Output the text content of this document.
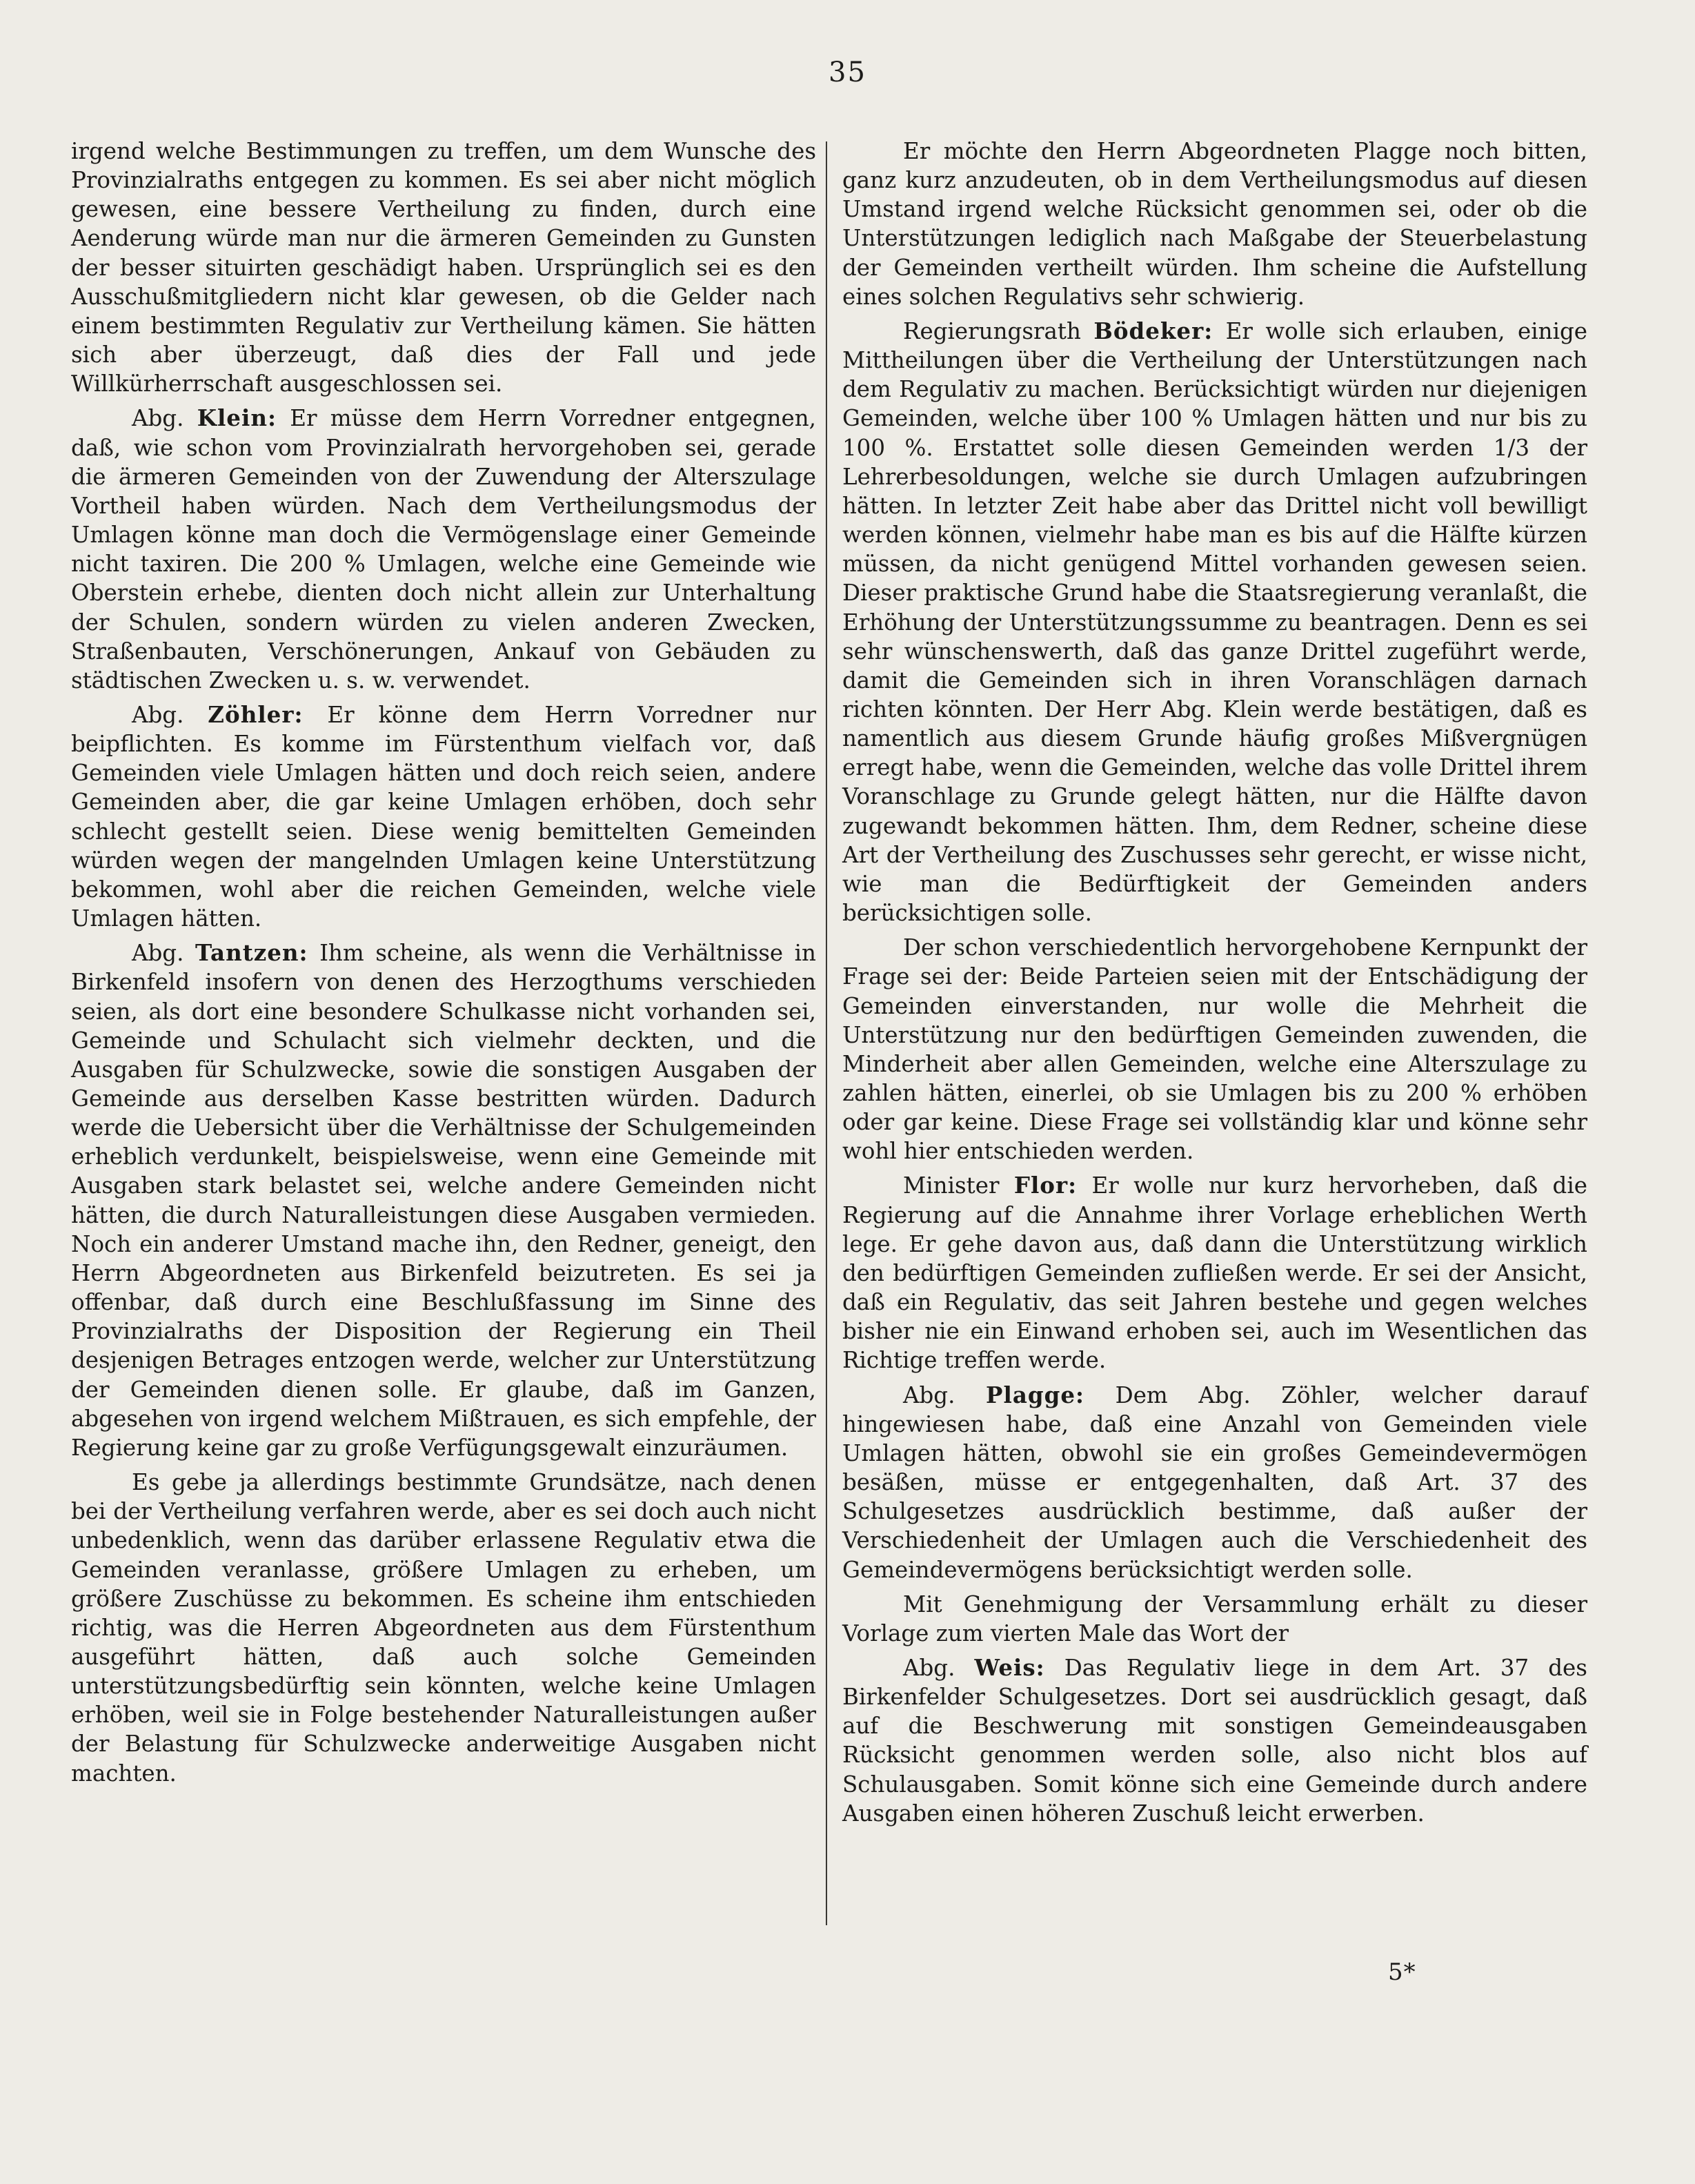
35

irgend welche Bestimmungen zu treffen, um dem Wunsche des Provinzialraths entgegen zu kommen. Es sei aber nicht möglich gewesen, eine bessere Vertheilung zu finden, durch eine Aenderung würde man nur die ärmeren Gemeinden zu Gunsten der besser situirten geschädigt haben. Ursprünglich sei es den Ausschußmitgliedern nicht klar gewesen, ob die Gelder nach einem bestimmten Regulativ zur Vertheilung kämen. Sie hätten sich aber überzeugt, daß dies der Fall und jede Willkürherrschaft ausgeschlossen sei.

Abg. Klein: Er müsse dem Herrn Vorredner entgegnen, daß, wie schon vom Provinzialrath hervorgehoben sei, gerade die ärmeren Gemeinden von der Zuwendung der Alterszulage Vortheil haben würden. Nach dem Vertheilungsmodus der Umlagen könne man doch die Vermögenslage einer Gemeinde nicht taxiren. Die 200 % Umlagen, welche eine Gemeinde wie Oberstein erhebe, dienten doch nicht allein zur Unterhaltung der Schulen, sondern würden zu vielen anderen Zwecken, Straßenbauten, Verschönerungen, Ankauf von Gebäuden zu städtischen Zwecken u. s. w. verwendet.

Abg. Zöhler: Er könne dem Herrn Vorredner nur beipflichten. Es komme im Fürstenthum vielfach vor, daß Gemeinden viele Umlagen hätten und doch reich seien, andere Gemeinden aber, die gar keine Umlagen erhöben, doch sehr schlecht gestellt seien. Diese wenig bemittelten Gemeinden würden wegen der mangelnden Umlagen keine Unterstützung bekommen, wohl aber die reichen Gemeinden, welche viele Umlagen hätten.

Abg. Tantzen: Ihm scheine, als wenn die Verhältnisse in Birkenfeld insofern von denen des Herzogthums verschieden seien, als dort eine besondere Schulkasse nicht vorhanden sei, Gemeinde und Schulacht sich vielmehr deckten, und die Ausgaben für Schulzwecke, sowie die sonstigen Ausgaben der Gemeinde aus derselben Kasse bestritten würden. Dadurch werde die Uebersicht über die Verhältnisse der Schulgemeinden erheblich verdunkelt, beispielsweise, wenn eine Gemeinde mit Ausgaben stark belastet sei, welche andere Gemeinden nicht hätten, die durch Naturalleistungen diese Ausgaben vermieden. Noch ein anderer Umstand mache ihn, den Redner, geneigt, den Herrn Abgeordneten aus Birkenfeld beizutreten. Es sei ja offenbar, daß durch eine Beschlußfassung im Sinne des Provinzialraths der Disposition der Regierung ein Theil desjenigen Betrages entzogen werde, welcher zur Unterstützung der Gemeinden dienen solle. Er glaube, daß im Ganzen, abgesehen von irgend welchem Mißtrauen, es sich empfehle, der Regierung keine gar zu große Verfügungsgewalt einzuräumen.

Es gebe ja allerdings bestimmte Grundsätze, nach denen bei der Vertheilung verfahren werde, aber es sei doch auch nicht unbedenklich, wenn das darüber erlassene Regulativ etwa die Gemeinden veranlasse, größere Umlagen zu erheben, um größere Zuschüsse zu bekommen. Es scheine ihm entschieden richtig, was die Herren Abgeordneten aus dem Fürstenthum ausgeführt hätten, daß auch solche Gemeinden unterstützungsbedürftig sein könnten, welche keine Umlagen erhöben, weil sie in Folge bestehender Naturalleistungen außer der Belastung für Schulzwecke anderweitige Ausgaben nicht machten.

Er möchte den Herrn Abgeordneten Plagge noch bitten, ganz kurz anzudeuten, ob in dem Vertheilungsmodus auf diesen Umstand irgend welche Rücksicht genommen sei, oder ob die Unterstützungen lediglich nach Maßgabe der Steuerbelastung der Gemeinden vertheilt würden. Ihm scheine die Aufstellung eines solchen Regulativs sehr schwierig.

Regierungsrath Bödeker: Er wolle sich erlauben, einige Mittheilungen über die Vertheilung der Unterstützungen nach dem Regulativ zu machen. Berücksichtigt würden nur diejenigen Gemeinden, welche über 100 % Umlagen hätten und nur bis zu 100 %. Erstattet solle diesen Gemeinden werden 1/3 der Lehrerbesoldungen, welche sie durch Umlagen aufzubringen hätten. In letzter Zeit habe aber das Drittel nicht voll bewilligt werden können, vielmehr habe man es bis auf die Hälfte kürzen müssen, da nicht genügend Mittel vorhanden gewesen seien. Dieser praktische Grund habe die Staatsregierung veranlaßt, die Erhöhung der Unterstützungssumme zu beantragen. Denn es sei sehr wünschenswerth, daß das ganze Drittel zugeführt werde, damit die Gemeinden sich in ihren Voranschlägen darnach richten könnten. Der Herr Abg. Klein werde bestätigen, daß es namentlich aus diesem Grunde häufig großes Mißvergnügen erregt habe, wenn die Gemeinden, welche das volle Drittel ihrem Voranschlage zu Grunde gelegt hätten, nur die Hälfte davon zugewandt bekommen hätten. Ihm, dem Redner, scheine diese Art der Vertheilung des Zuschusses sehr gerecht, er wisse nicht, wie man die Bedürftigkeit der Gemeinden anders berücksichtigen solle.

Der schon verschiedentlich hervorgehobene Kernpunkt der Frage sei der: Beide Parteien seien mit der Entschädigung der Gemeinden einverstanden, nur wolle die Mehrheit die Unterstützung nur den bedürftigen Gemeinden zuwenden, die Minderheit aber allen Gemeinden, welche eine Alterszulage zu zahlen hätten, einerlei, ob sie Umlagen bis zu 200 % erhöben oder gar keine. Diese Frage sei vollständig klar und könne sehr wohl hier entschieden werden.

Minister Flor: Er wolle nur kurz hervorheben, daß die Regierung auf die Annahme ihrer Vorlage erheblichen Werth lege. Er gehe davon aus, daß dann die Unterstützung wirklich den bedürftigen Gemeinden zufließen werde. Er sei der Ansicht, daß ein Regulativ, das seit Jahren bestehe und gegen welches bisher nie ein Einwand erhoben sei, auch im Wesentlichen das Richtige treffen werde.

Abg. Plagge: Dem Abg. Zöhler, welcher darauf hingewiesen habe, daß eine Anzahl von Gemeinden viele Umlagen hätten, obwohl sie ein großes Gemeindevermögen besäßen, müsse er entgegenhalten, daß Art. 37 des Schulgesetzes ausdrücklich bestimme, daß außer der Verschiedenheit der Umlagen auch die Verschiedenheit des Gemeindevermögens berücksichtigt werden solle.

Mit Genehmigung der Versammlung erhält zu dieser Vorlage zum vierten Male das Wort der

Abg. Weis: Das Regulativ liege in dem Art. 37 des Birkenfelder Schulgesetzes. Dort sei ausdrücklich gesagt, daß auf die Beschwerung mit sonstigen Gemeindeausgaben Rücksicht genommen werden solle, also nicht blos auf Schulausgaben. Somit könne sich eine Gemeinde durch andere Ausgaben einen höheren Zuschuß leicht erwerben.

5*
